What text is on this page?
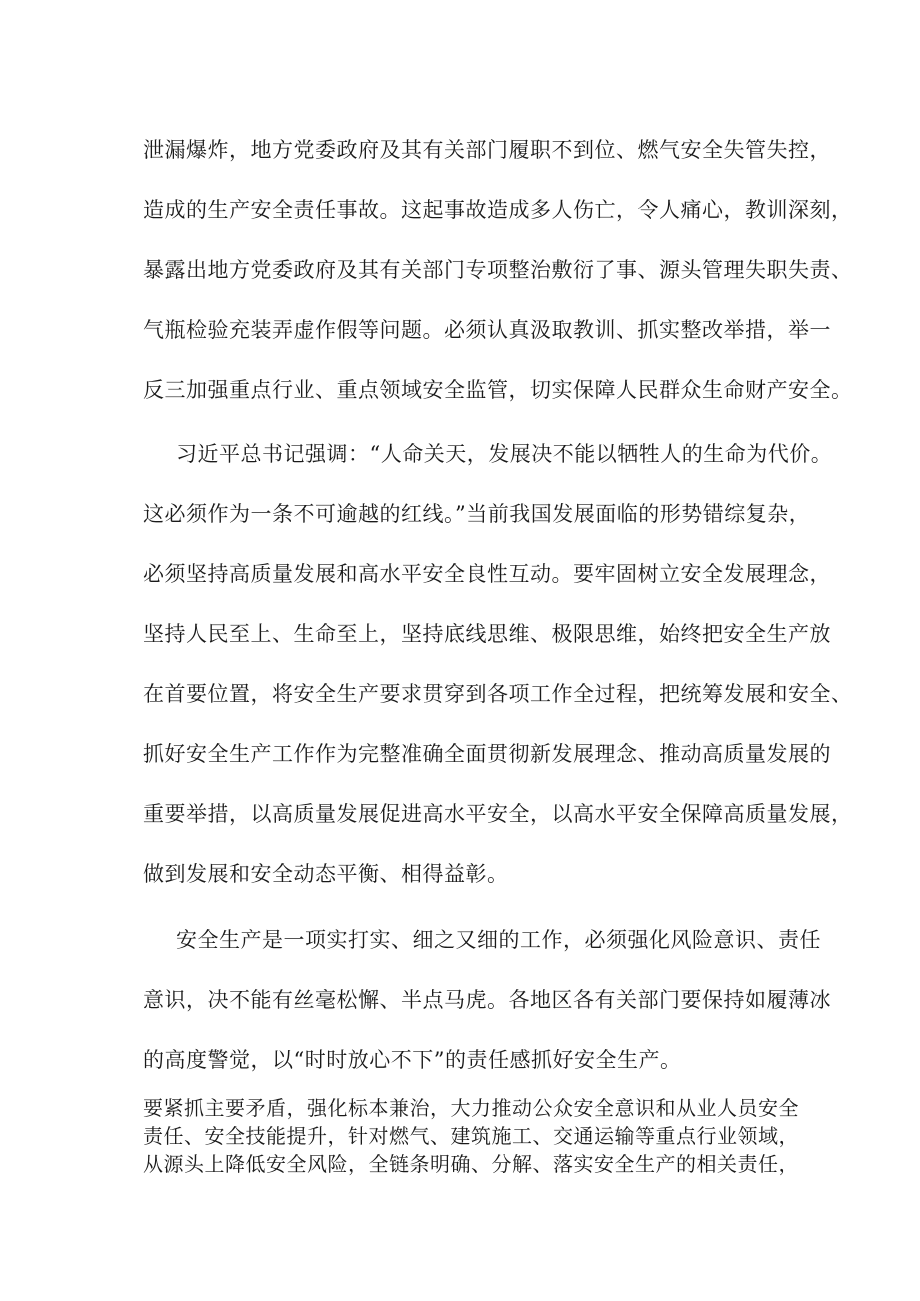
泄漏爆炸，地方党委政府及其有关部门履职不到位、燃气安全失管失控，
造成的生产安全责任事故。这起事故造成多人伤亡，令人痛心，教训深刻，
暴露出地方党委政府及其有关部门专项整治敷衍了事、源头管理失职失责、
气瓶检验充装弄虚作假等问题。必须认真汲取教训、抓实整改举措，举一
反三加强重点行业、重点领域安全监管，切实保障人民群众生命财产安全。
习近平总书记强调：“人命关天，发展决不能以牺牲人的生命为代价。
这必须作为一条不可逾越的红线。”当前我国发展面临的形势错综复杂，
必须坚持高质量发展和高水平安全良性互动。要牢固树立安全发展理念，
坚持人民至上、生命至上，坚持底线思维、极限思维，始终把安全生产放
在首要位置，将安全生产要求贯穿到各项工作全过程，把统筹发展和安全、
抓好安全生产工作作为完整准确全面贯彻新发展理念、推动高质量发展的
重要举措，以高质量发展促进高水平安全，以高水平安全保障高质量发展，
做到发展和安全动态平衡、相得益彰。
安全生产是一项实打实、细之又细的工作，必须强化风险意识、责任
意识，决不能有丝毫松懈、半点马虎。各地区各有关部门要保持如履薄冰
的高度警觉，以“时时放心不下”的责任感抓好安全生产。
要紧抓主要矛盾，强化标本兼治，大力推动公众安全意识和从业人员安全
责任、安全技能提升，针对燃气、建筑施工、交通运输等重点行业领域，
从源头上降低安全风险，全链条明确、分解、落实安全生产的相关责任，
